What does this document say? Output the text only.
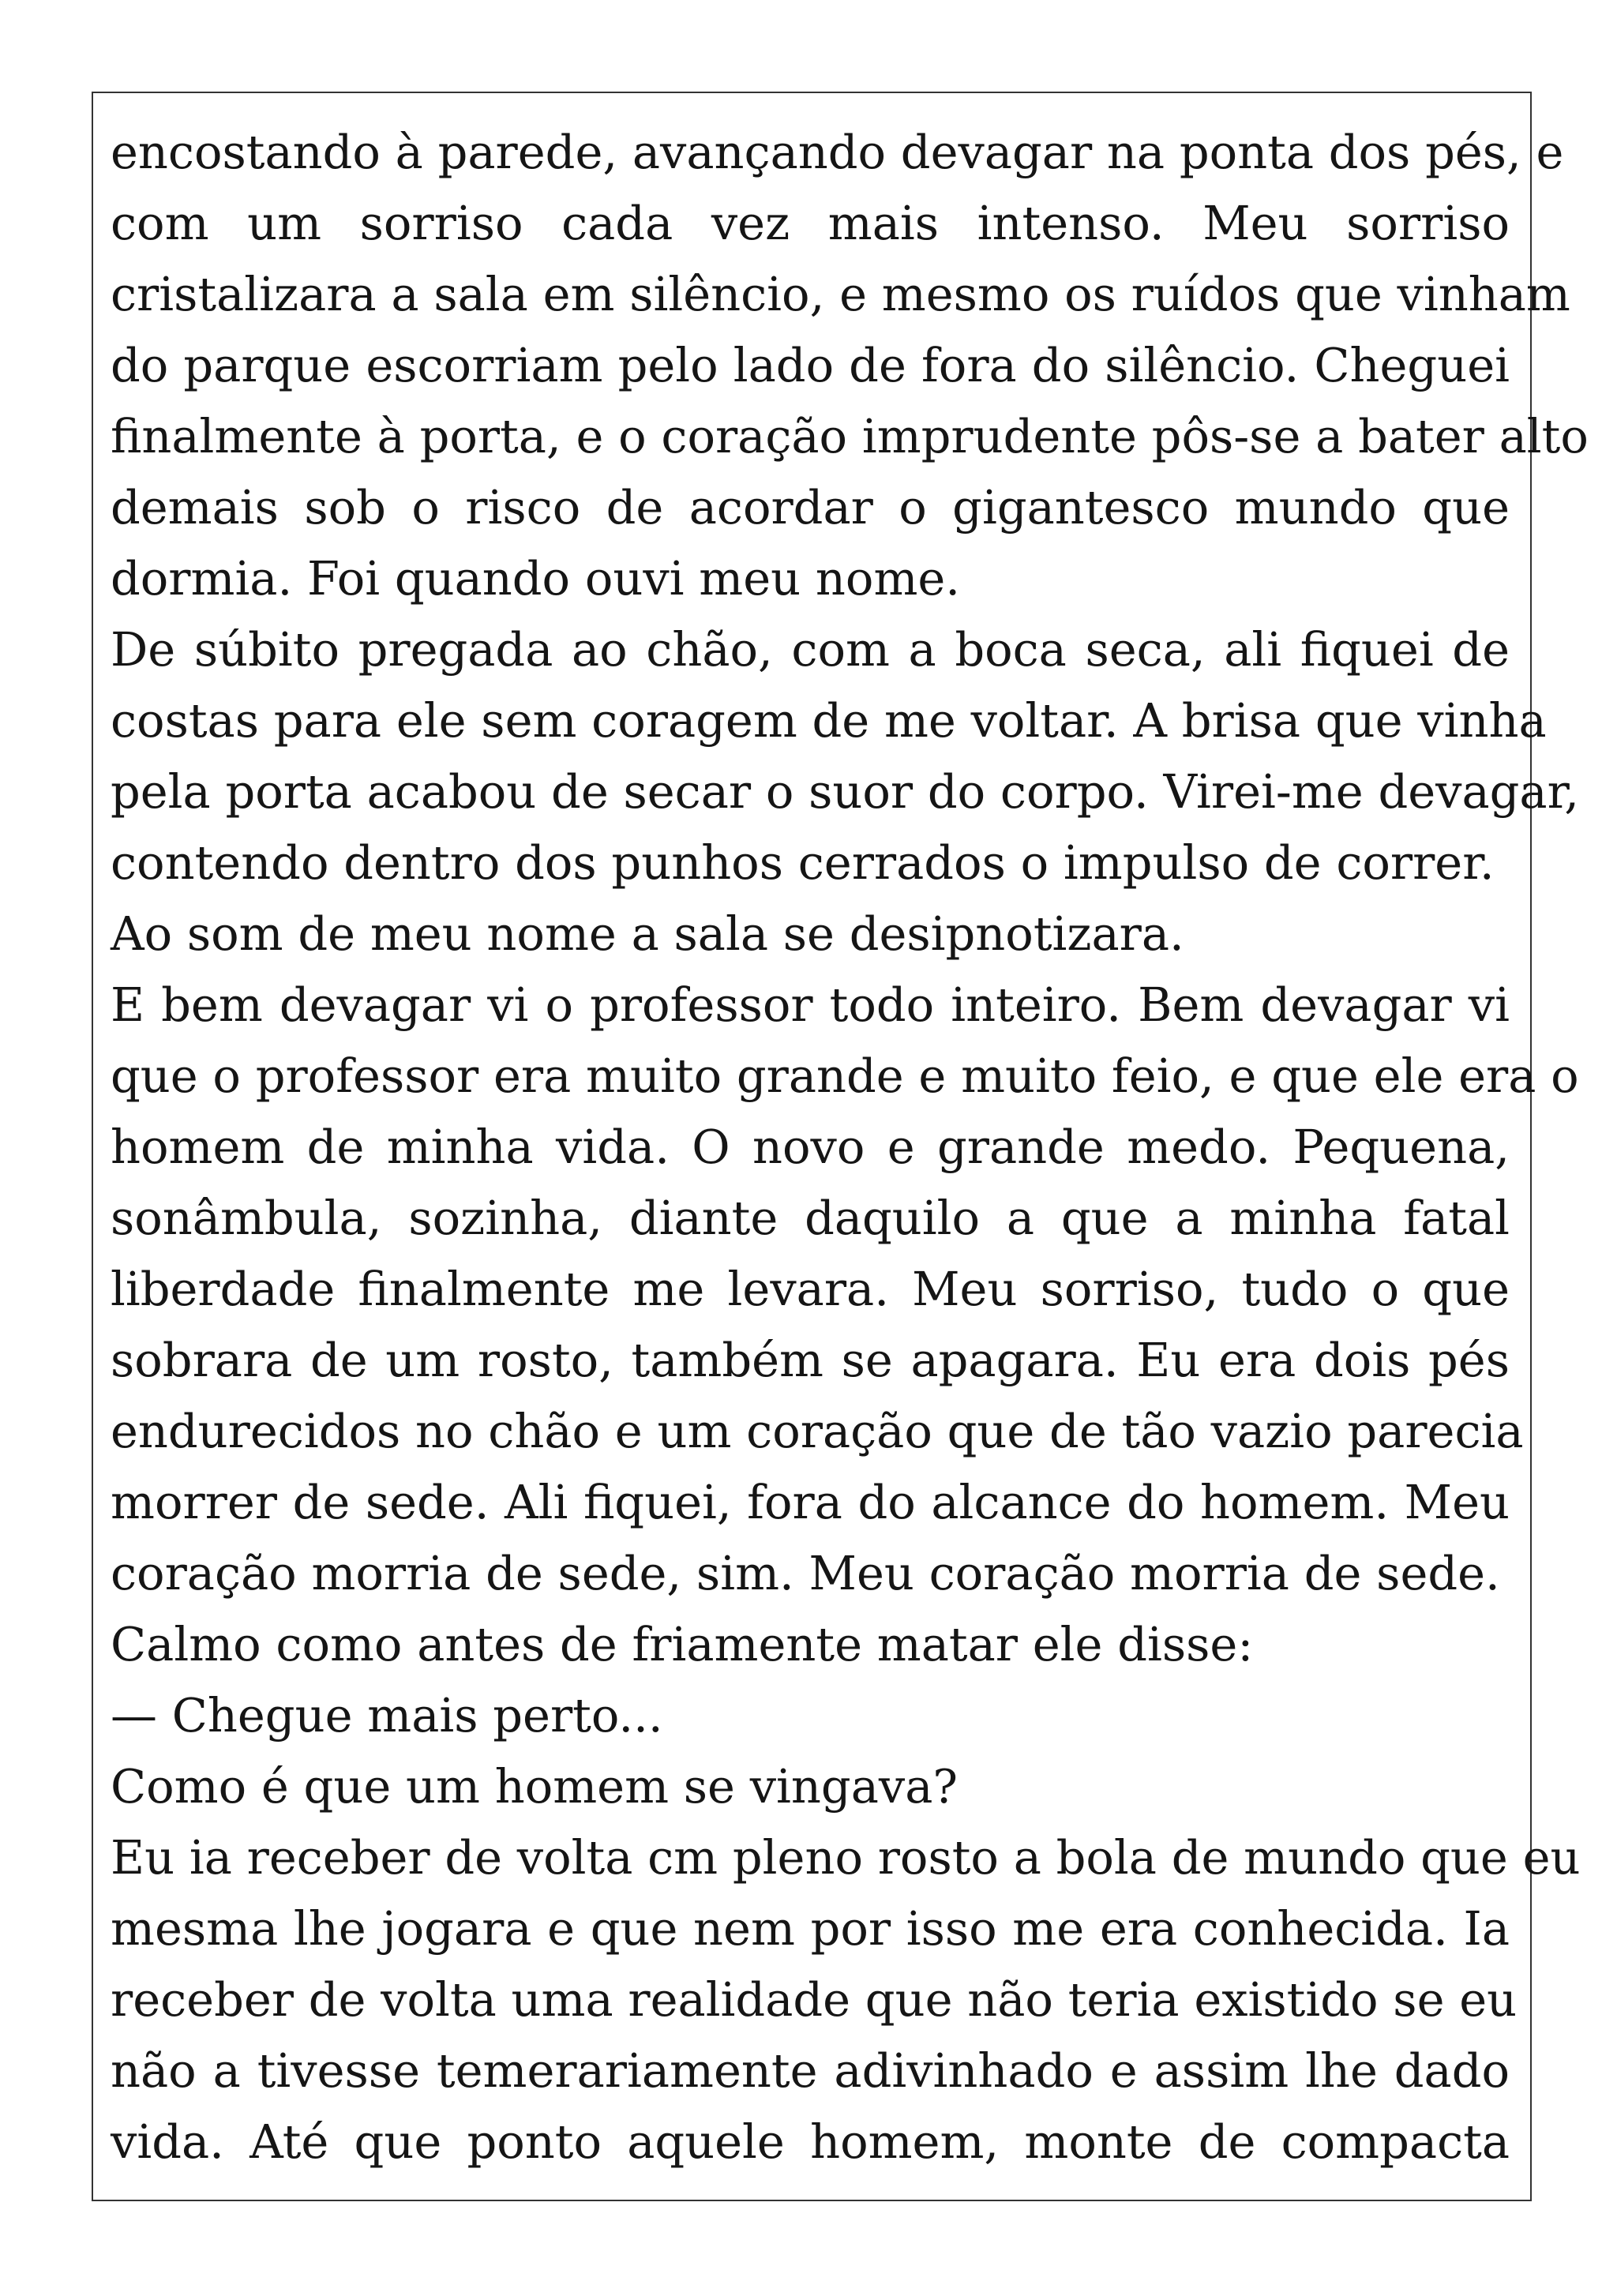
encostando à parede, avançando devagar na ponta dos pés, e
com um sorriso cada vez mais intenso. Meu sorriso
cristalizara a sala em silêncio, e mesmo os ruídos que vinham
do parque escorriam pelo lado de fora do silêncio. Cheguei
finalmente à porta, e o coração imprudente pôs-se a bater alto
demais sob o risco de acordar o gigantesco mundo que
dormia. Foi quando ouvi meu nome.
De súbito pregada ao chão, com a boca seca, ali fiquei de
costas para ele sem coragem de me voltar. A brisa que vinha
pela porta acabou de secar o suor do corpo. Virei-me devagar,
contendo dentro dos punhos cerrados o impulso de correr.
Ao som de meu nome a sala se desipnotizara.
E bem devagar vi o professor todo inteiro. Bem devagar vi
que o professor era muito grande e muito feio, e que ele era o
homem de minha vida. O novo e grande medo. Pequena,
sonâmbula, sozinha, diante daquilo a que a minha fatal
liberdade finalmente me levara. Meu sorriso, tudo o que
sobrara de um rosto, também se apagara. Eu era dois pés
endurecidos no chão e um coração que de tão vazio parecia
morrer de sede. Ali fiquei, fora do alcance do homem. Meu
coração morria de sede, sim. Meu coração morria de sede.
Calmo como antes de friamente matar ele disse:
— Chegue mais perto...
Como é que um homem se vingava?
Eu ia receber de volta cm pleno rosto a bola de mundo que eu
mesma lhe jogara e que nem por isso me era conhecida. Ia
receber de volta uma realidade que não teria existido se eu
não a tivesse temerariamente adivinhado e assim lhe dado
vida. Até que ponto aquele homem, monte de compacta
